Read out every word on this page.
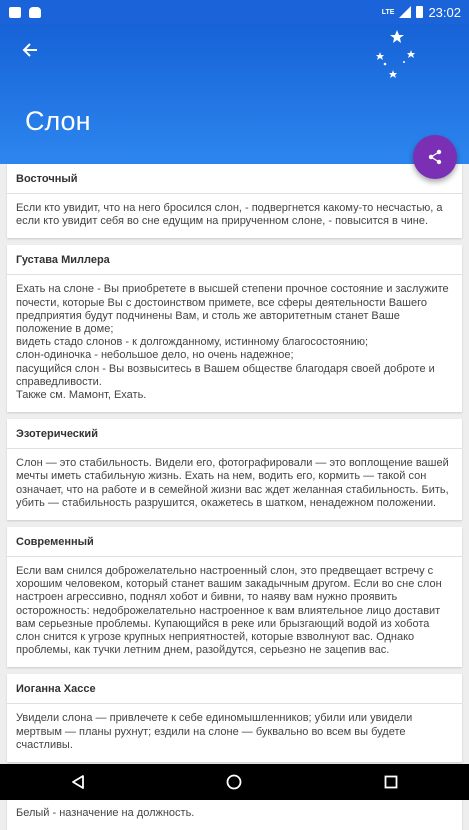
LTE	23:02
Слон
Восточный
Если кто увидит, что на него бросился слон, - подвергнется какому-то несчастью, а если кто увидит себя во сне едущим на прирученном слоне, - повысится в чине.
Густава Миллера
Ехать на слоне - Вы приобретете в высшей степени прочное состояние и заслужите почести, которые Вы с достоинством примете, все сферы деятельности Вашего предприятия будут подчинены Вам, и столь же авторитетным станет Ваше положение в доме;
видеть стадо слонов - к долгожданному, истинному благосостоянию;
слон-одиночка - небольшое дело, но очень надежное;
пасущийся слон - Вы возвыситесь в Вашем обществе благодаря своей доброте и справедливости.
Также см. Мамонт, Ехать.
Эзотерический
Слон — это стабильность. Видели его, фотографировали — это воплощение вашей мечты иметь стабильную жизнь. Ехать на нем, водить его, кормить — такой сон означает, что на работе и в семейной жизни вас ждет желанная стабильность. Бить, убить — стабильность разрушится, окажетесь в шатком, ненадежном положении.
Современный
Если вам снился доброжелательно настроенный слон, это предвещает встречу с хорошим человеком, который станет вашим закадычным другом. Если во сне слон настроен агрессивно, поднял хобот и бивни, то наяву вам нужно проявить осторожность: недоброжелательно настроенное к вам влиятельное лицо доставит вам серьезные проблемы. Купающийся в реке или брызгающий водой из хобота слон снится к угрозе крупных неприятностей, которые взволнуют вас. Однако проблемы, как тучки летним днем, разойдутся, серьезно не зацепив вас.
Иоганна Хассе
Увидели слона — привлечете к себе единомышленников; убили или увидели мертвым — планы рухнут; ездили на слоне — буквально во всем вы будете счастливы.
Белый - назначение на должность.
